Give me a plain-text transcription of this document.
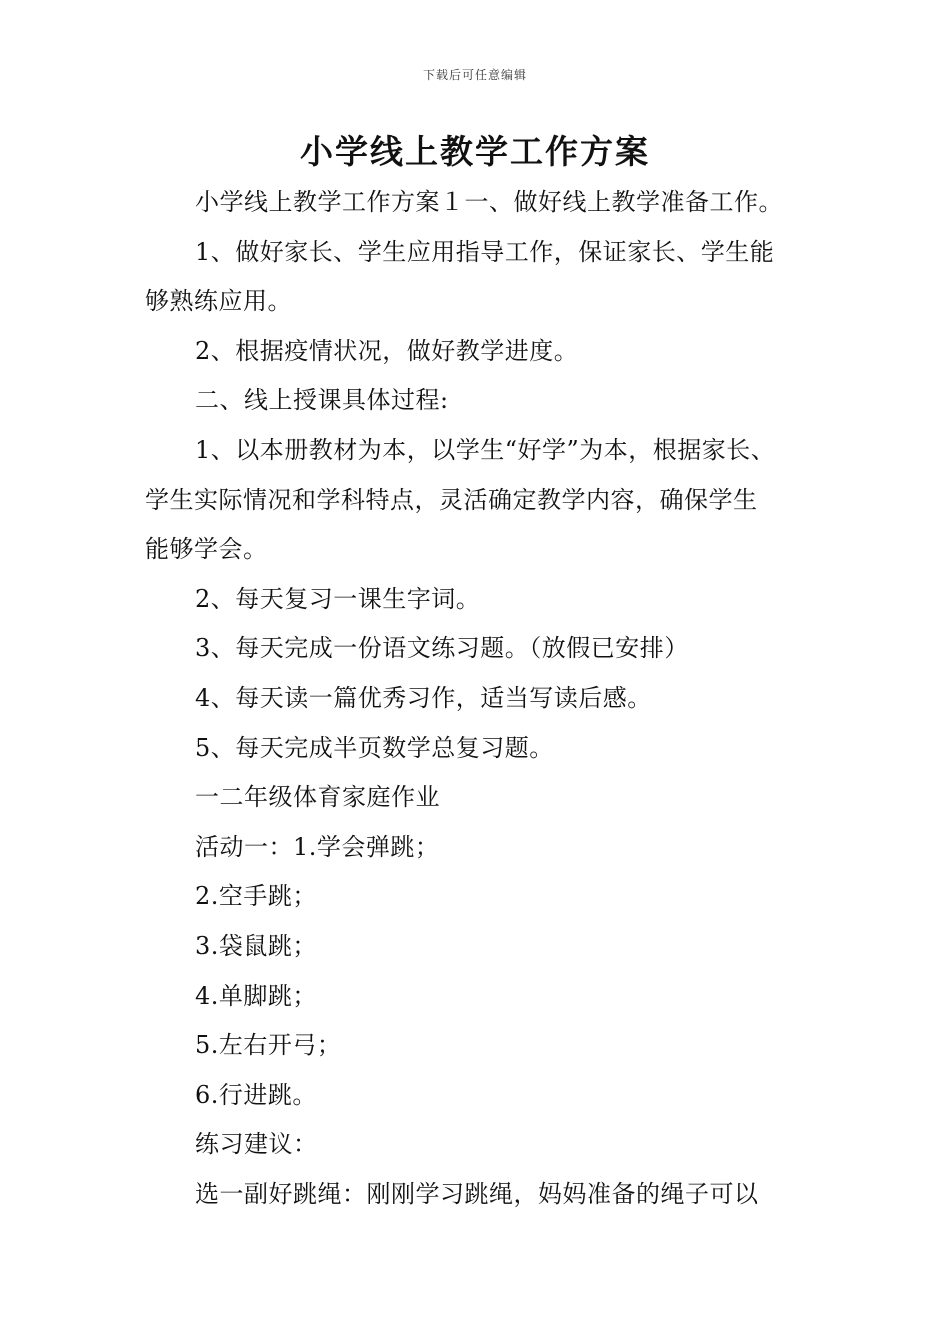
下载后可任意编辑
小学线上教学工作方案

小学线上教学工作方案１一、做好线上教学准备工作。

1、做好家长、学生应用指导工作，保证家长、学生能

够熟练应用。

2、根据疫情状况，做好教学进度。

二、线上授课具体过程:

1、以本册教材为本，以学生“好学”为本，根据家长、

学生实际情况和学科特点，灵活确定教学内容，确保学生

能够学会。

2、每天复习一课生字词。

3、每天完成一份语文练习题。（放假已安排）

4、每天读一篇优秀习作，适当写读后感。

5、每天完成半页数学总复习题。

一二年级体育家庭作业

活动一：1.学会弹跳；

2.空手跳；

3.袋鼠跳；

4.单脚跳；

5.左右开弓；

6.行进跳。

练习建议：

选一副好跳绳：刚刚学习跳绳，妈妈准备的绳子可以
